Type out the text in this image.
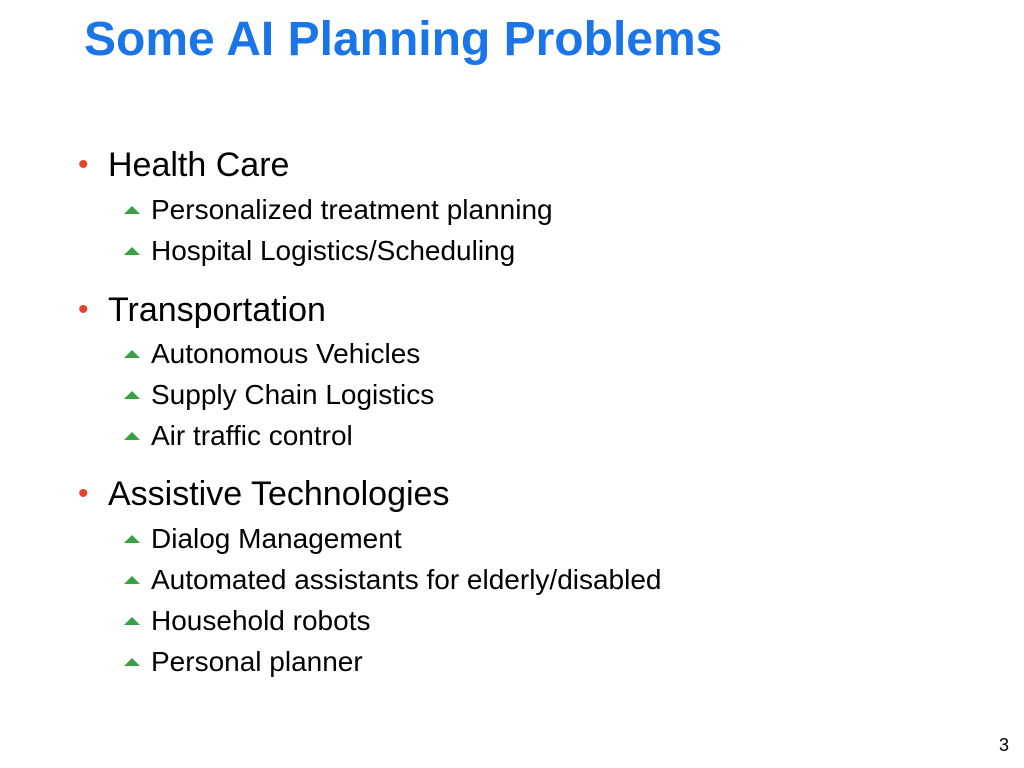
Some AI Planning Problems
• Health Care
Personalized treatment planning
Hospital Logistics/Scheduling
• Transportation
Autonomous Vehicles
Supply Chain Logistics
Air traffic control
• Assistive Technologies
Dialog Management
Automated assistants for elderly/disabled
Household robots
Personal planner
3
